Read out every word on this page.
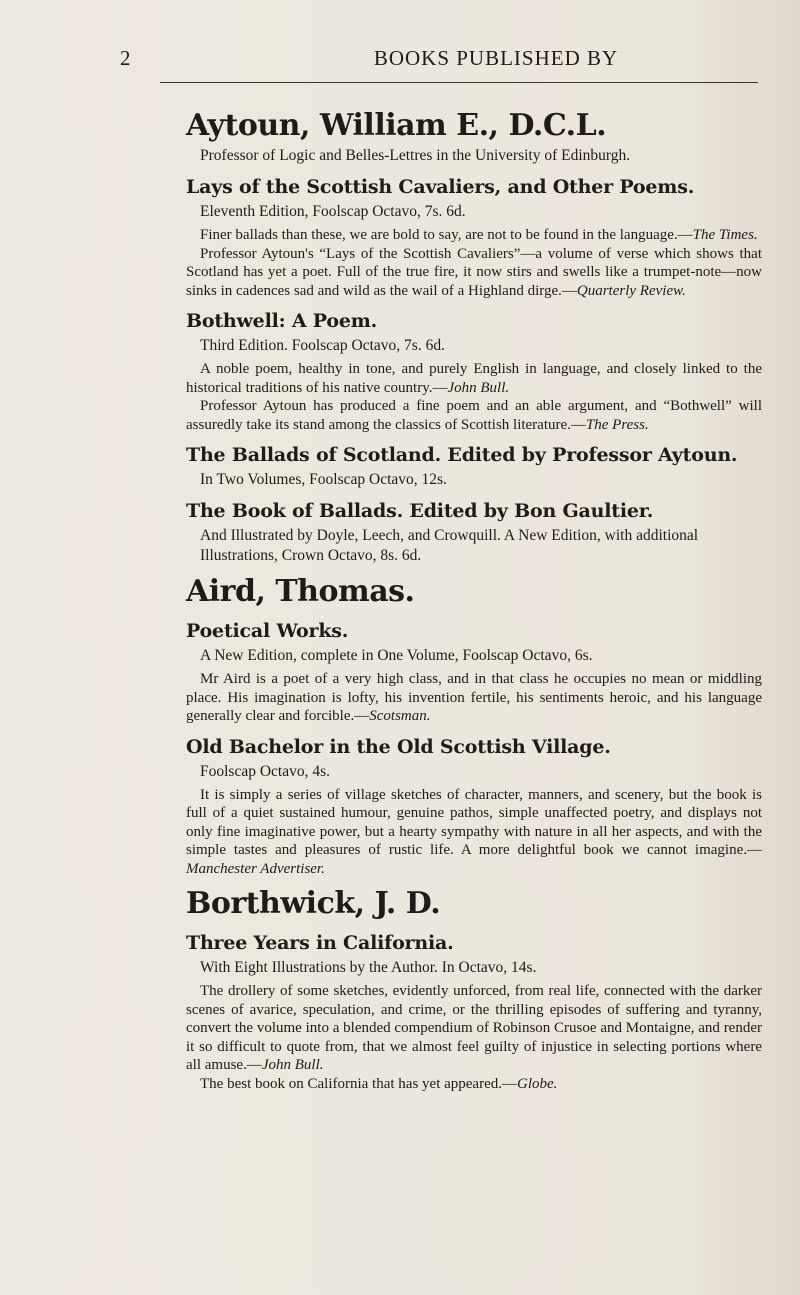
2	BOOKS PUBLISHED BY
Aytoun, William E., D.C.L.
Professor of Logic and Belles-Lettres in the University of Edinburgh.
Lays of the Scottish Cavaliers, and Other Poems.
Eleventh Edition, Foolscap Octavo, 7s. 6d.

Finer ballads than these, we are bold to say, are not to be found in the language.—The Times.

Professor Aytoun's “Lays of the Scottish Cavaliers”—a volume of verse which shows that Scotland has yet a poet. Full of the true fire, it now stirs and swells like a trumpet-note—now sinks in cadences sad and wild as the wail of a Highland dirge.—Quarterly Review.

Bothwell: A Poem.
Third Edition. Foolscap Octavo, 7s. 6d.

A noble poem, healthy in tone, and purely English in language, and closely linked to the historical traditions of his native country.—John Bull.

Professor Aytoun has produced a fine poem and an able argument, and “Bothwell” will assuredly take its stand among the classics of Scottish literature.—The Press.

The Ballads of Scotland. Edited by Professor Aytoun.
In Two Volumes, Foolscap Octavo, 12s.
The Book of Ballads. Edited by Bon Gaultier.
And Illustrated by Doyle, Leech, and Crowquill. A New Edition, with additional Illustrations, Crown Octavo, 8s. 6d.
Aird, Thomas.
Poetical Works.
A New Edition, complete in One Volume, Foolscap Octavo, 6s.

Mr Aird is a poet of a very high class, and in that class he occupies no mean or middling place. His imagination is lofty, his invention fertile, his sentiments heroic, and his language generally clear and forcible.—Scotsman.

Old Bachelor in the Old Scottish Village.
Foolscap Octavo, 4s.

It is simply a series of village sketches of character, manners, and scenery, but the book is full of a quiet sustained humour, genuine pathos, simple unaffected poetry, and displays not only fine imaginative power, but a hearty sympathy with nature in all her aspects, and with the simple tastes and pleasures of rustic life. A more delightful book we cannot imagine.—Manchester Advertiser.

Borthwick, J. D.
Three Years in California.
With Eight Illustrations by the Author. In Octavo, 14s.

The drollery of some sketches, evidently unforced, from real life, connected with the darker scenes of avarice, speculation, and crime, or the thrilling episodes of suffering and tyranny, convert the volume into a blended compendium of Robinson Crusoe and Montaigne, and render it so difficult to quote from, that we almost feel guilty of injustice in selecting portions where all amuse.—John Bull.

The best book on California that has yet appeared.—Globe.
